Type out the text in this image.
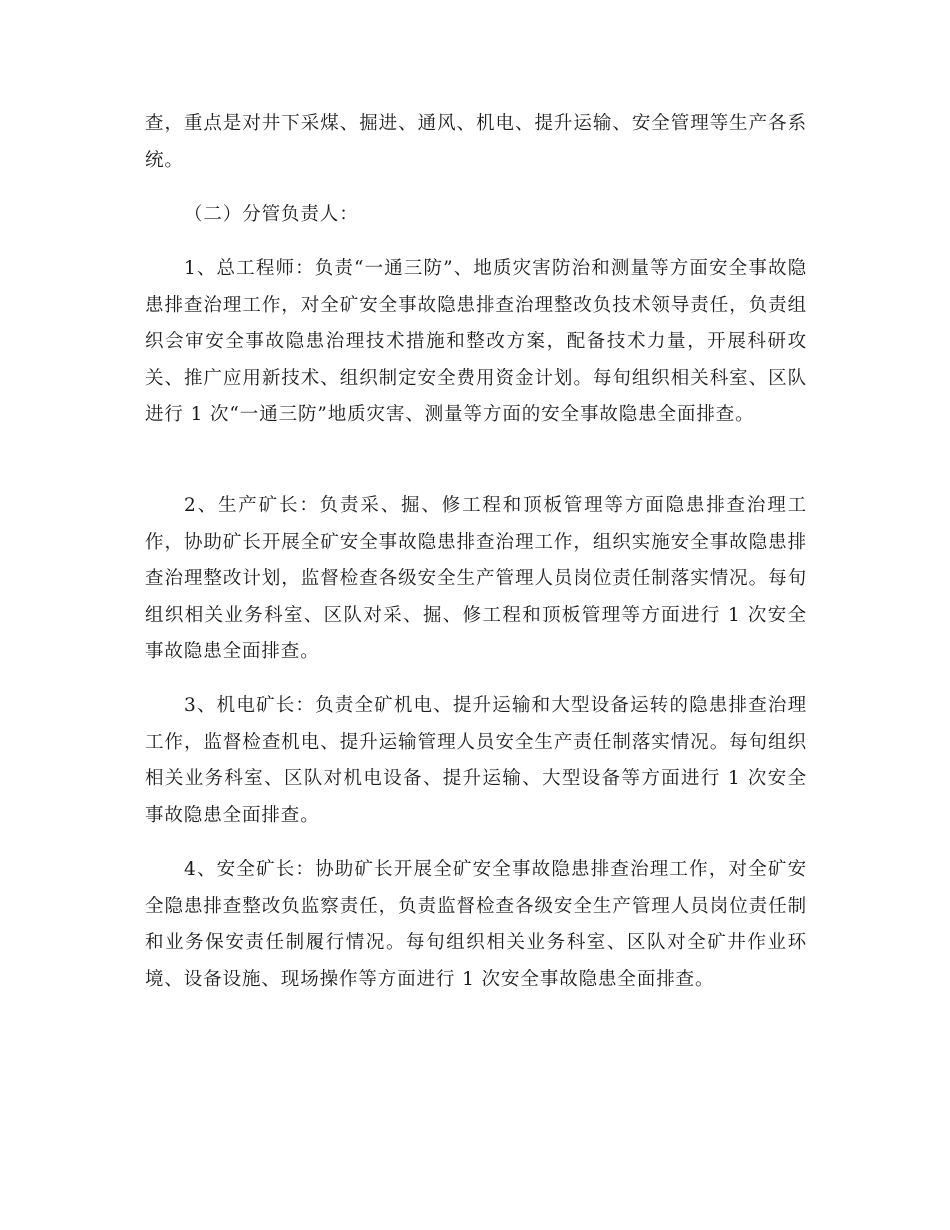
查，重点是对井下采煤、掘进、通风、机电、提升运输、安全管理等生产各系统。

（二）分管负责人：

1、总工程师：负责“一通三防”、地质灾害防治和测量等方面安全事故隐患排查治理工作，对全矿安全事故隐患排查治理整改负技术领导责任，负责组织会审安全事故隐患治理技术措施和整改方案，配备技术力量，开展科研攻关、推广应用新技术、组织制定安全费用资金计划。每旬组织相关科室、区队进行 1 次“一通三防”地质灾害、测量等方面的安全事故隐患全面排查。

2、生产矿长：负责采、掘、修工程和顶板管理等方面隐患排查治理工作，协助矿长开展全矿安全事故隐患排查治理工作，组织实施安全事故隐患排查治理整改计划，监督检查各级安全生产管理人员岗位责任制落实情况。每旬组织相关业务科室、区队对采、掘、修工程和顶板管理等方面进行 1 次安全事故隐患全面排查。

3、机电矿长：负责全矿机电、提升运输和大型设备运转的隐患排查治理工作，监督检查机电、提升运输管理人员安全生产责任制落实情况。每旬组织相关业务科室、区队对机电设备、提升运输、大型设备等方面进行 1 次安全事故隐患全面排查。

4、安全矿长：协助矿长开展全矿安全事故隐患排查治理工作，对全矿安全隐患排查整改负监察责任，负责监督检查各级安全生产管理人员岗位责任制和业务保安责任制履行情况。每旬组织相关业务科室、区队对全矿井作业环境、设备设施、现场操作等方面进行 1 次安全事故隐患全面排查。
